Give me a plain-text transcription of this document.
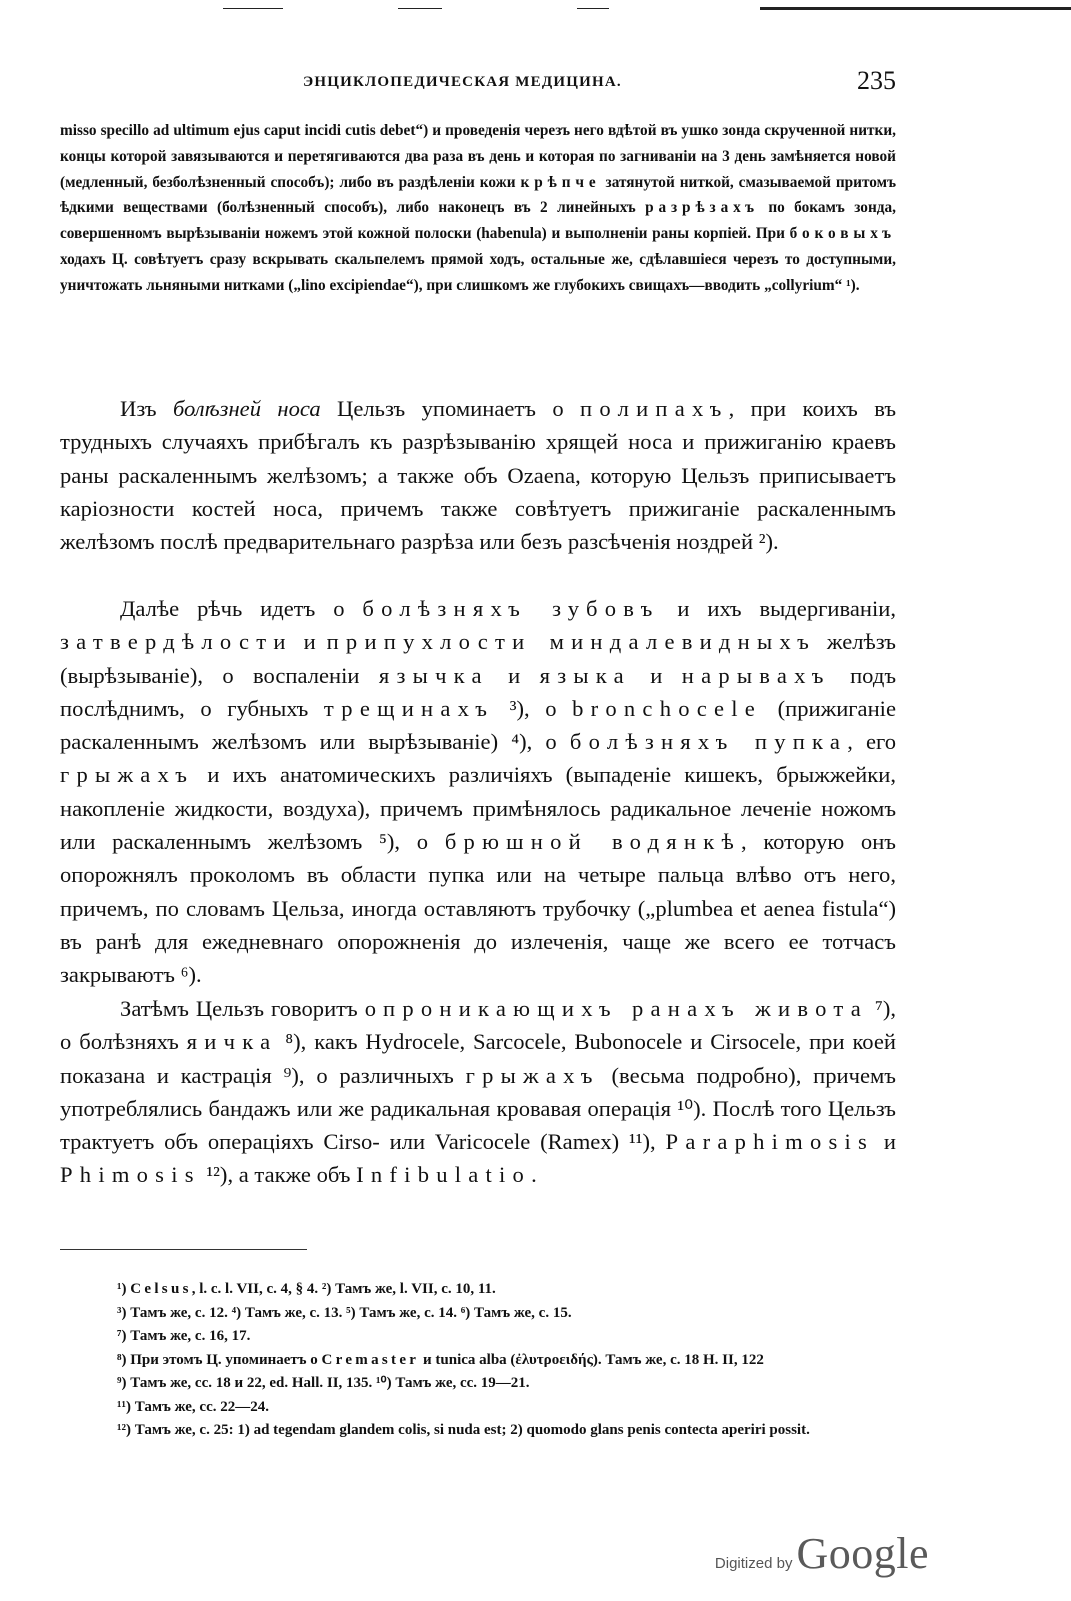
ЭНЦИКЛОПЕДИЧЕСКАЯ МЕДИЦИНА.	235
misso specillo ad ultimum ejus caput incidi cutis debet“) и проведенія черезъ него вдѣтой въ ушко зонда скрученной нитки, концы которой завязываются и перетягиваются два раза въ день и которая по загниваніи на 3 день замѣняется новой (медленный, безболѣзненный способъ); либо въ раздѣленіи кожи крѣпче затянутой ниткой, смазываемой притомъ ѣдкими веществами (болѣзненный способъ), либо наконецъ въ 2 линейныхъ разрѣзахъ по бокамъ зонда, совершенномъ вырѣзываніи ножемъ этой кожной полоски (habenula) и выполненіи раны корпіей. При боковыхъ ходахъ Ц. совѣтуетъ сразу вскрывать скальпелемъ прямой ходъ, остальные же, сдѣлавшіеся черезъ то доступными, уничтожать льняными нитками („lino excipiendae“), при слишкомъ же глубокихъ свищахъ—вводить „collyrium“ ¹).
Изъ болѣзней носа Цельзъ упоминаетъ о полипахъ, при коихъ въ трудныхъ случаяхъ прибѣгалъ къ разрѣзыванію хрящей носа и прижиганію краевъ раны раскаленнымъ желѣзомъ; а также объ Ozaena, которую Цельзъ приписываетъ каріозности костей носа, причемъ также совѣтуетъ прижиганіе раскаленнымъ желѣзомъ послѣ предварительнаго разрѣза или безъ разсѣченія ноздрей ²).
Далѣе рѣчь идетъ о болѣзняхъ зубовъ и ихъ выдергиваніи, затвердѣлости и припухлости миндалевидныхъ желѣзъ (вырѣзываніе), о воспаленіи язычка и языка и нарывахъ подъ послѣднимъ, о губныхъ трещинахъ ³), о bronchocele (прижиганіе раскаленнымъ желѣзомъ или вырѣзываніе) ⁴), о болѣзняхъ пупка, его грыжахъ и ихъ анатомическихъ различіяхъ (выпаденіе кишекъ, брыжжейки, накопленіе жидкости, воздуха), причемъ примѣнялось радикальное леченіе ножомъ или раскаленнымъ желѣзомъ ⁵), о брюшной водянкѣ, которую онъ опорожнялъ прокoломъ въ области пупка или на четыре пальца влѣво отъ него, причемъ, по словамъ Цельза, иногда оставляютъ трубочку („plumbea et aenea fistula“) въ ранѣ для ежедневнаго опорожненія до излеченія, чаще же всего ее тотчасъ закрываютъ ⁶).
Затѣмъ Цельзъ говоритъ о проникающихъ ранахъ живота ⁷), о болѣзняхъ яичка ⁸), какъ Hydrocele, Sarcocele, Bubonocele и Cirsocele, при коей показана и кастрація ⁹), о различныхъ грыжахъ (весьма подробно), причемъ употреблялись бандажъ или же радикальная кровавая операція ¹⁰). Послѣ того Цельзъ трактуетъ объ операціяхъ Cirso- или Varicocele (Ramex) ¹¹), Paraphimosis и Phimosis ¹²), а также объ Infibulatio.
¹) Celsus, l. c. l. VII, c. 4, § 4. ²) Тамъ же, l. VII, c. 10, 11.
³) Тамъ же, c. 12. ⁴) Тамъ же, c. 13. ⁵) Тамъ же, c. 14. ⁶) Тамъ же, c. 15.
⁷) Тамъ же, c. 16, 17.
⁸) При этомъ Ц. упоминаетъ о Cremaster и tunica alba (ἐλυτροειδής). Тамъ же, c. 18 H. II, 122
⁹) Тамъ же, cc. 18 и 22, ed. Hall. II, 135. ¹⁰) Тамъ же, cc. 19—21.
¹¹) Тамъ же, cc. 22—24.
¹²) Тамъ же, c. 25: 1) ad tegendam glandem colis, si nuda est; 2) quomodo glans penis contecta aperiri possit.
Digitized by Google
